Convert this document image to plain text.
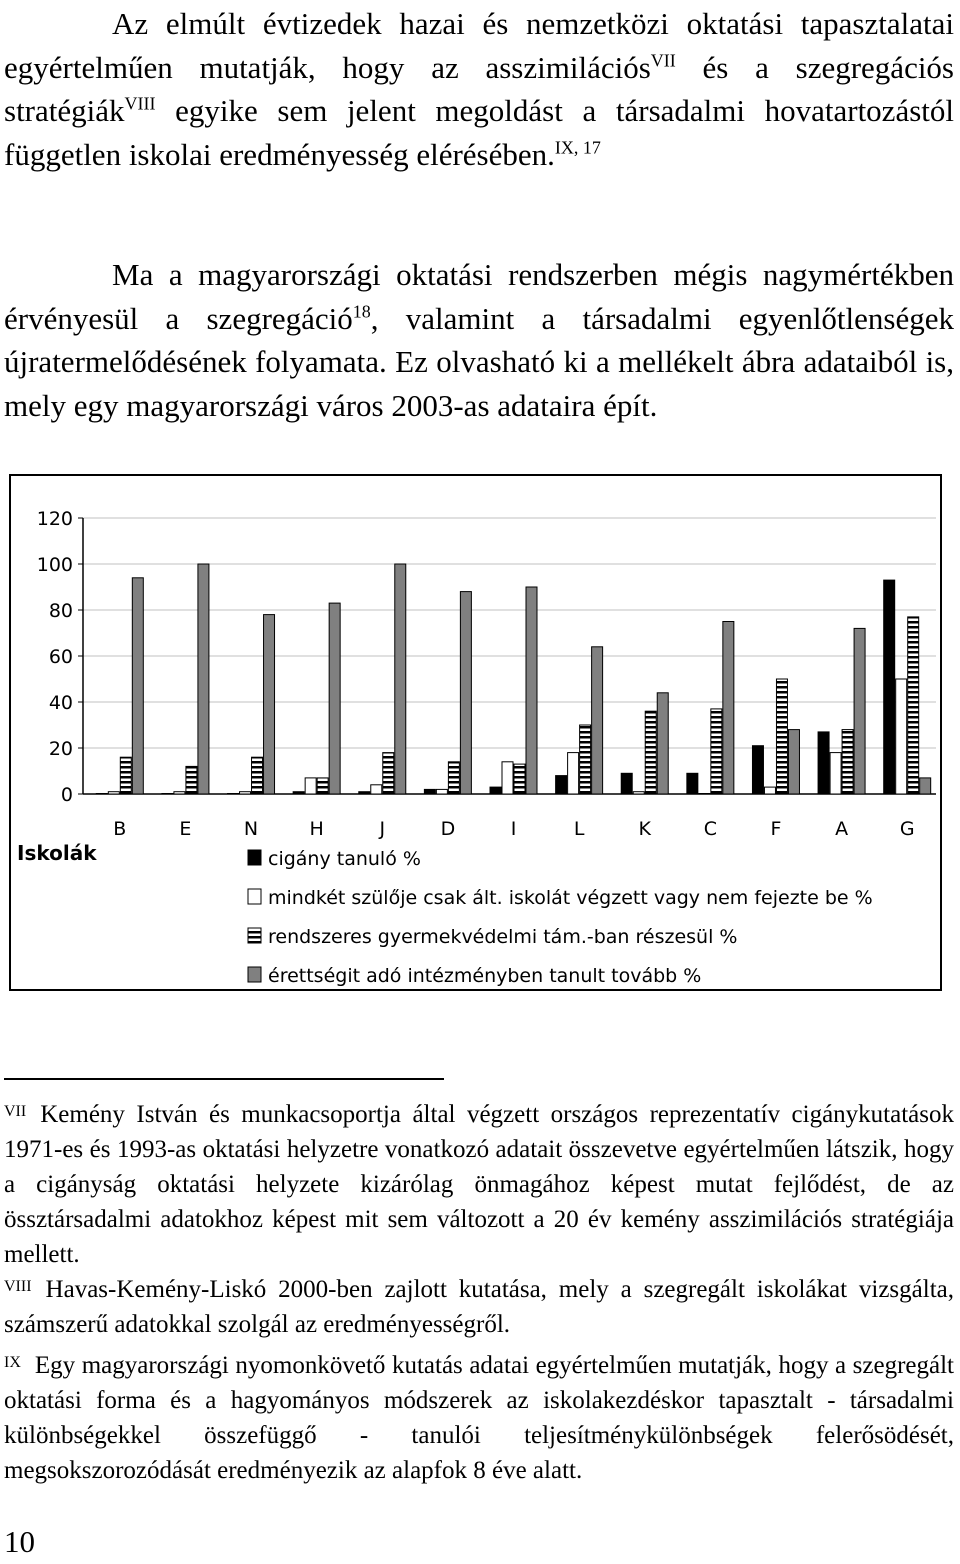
Az elmúlt évtizedek hazai és nemzetközi oktatási tapasztalatai egyértelműen mutatják, hogy az asszimilációs$^{VII}$ és a szegregációs stratégiák$^{VIII}$ egyike sem jelent megoldást a társadalmi hovatartozástól független iskolai eredményesség elérésében.$^{IX, 17}$

Ma a magyarországi oktatási rendszerben mégis nagymértékben érvényesül a szegregáció$^{18}$, valamint a társadalmi egyenlőtlenségek újratermelődésének folyamata. Ez olvasható ki a mellékelt ábra adataiból is, mely egy magyarországi város 2003-as adataira épít.

0
20
40
60
80
100
120
B	E	N	H	J	D	I	L	K	C	F	A	G
Iskolák	cigány tanuló %
mindkét szülője csak ált. iskolát végzett vagy nem fejezte be %
rendszeres gyermekvédelmi tám.-ban részesül %
érettségit adó intézményben tanult tovább %

$^{VII}$ Kemény István és munkacsoportja által végzett országos reprezentatív cigánykutatások 1971-es és 1993-as oktatási helyzetre vonatkozó adatait összevetve egyértelműen látszik, hogy a cigányság oktatási helyzete kizárólag önmagához képest mutat fejlődést, de az össztársadalmi adatokhoz képest mit sem változott a 20 év kemény asszimilációs stratégiája mellett.

$^{VIII}$ Havas-Kemény-Liskó 2000-ben zajlott kutatása, mely a szegregált iskolákat vizsgálta, számszerű adatokkal szolgál az eredményességről.

$^{IX}$ Egy magyarországi nyomonkövető kutatás adatai egyértelműen mutatják, hogy a szegregált oktatási forma és a hagyományos módszerek az iskolakezdéskor tapasztalt - társadalmi különbségekkel összefüggő - tanulói teljesítménykülönbségek felerősödését, megsokszorozódását eredményezik az alapfok 8 éve alatt.

10
